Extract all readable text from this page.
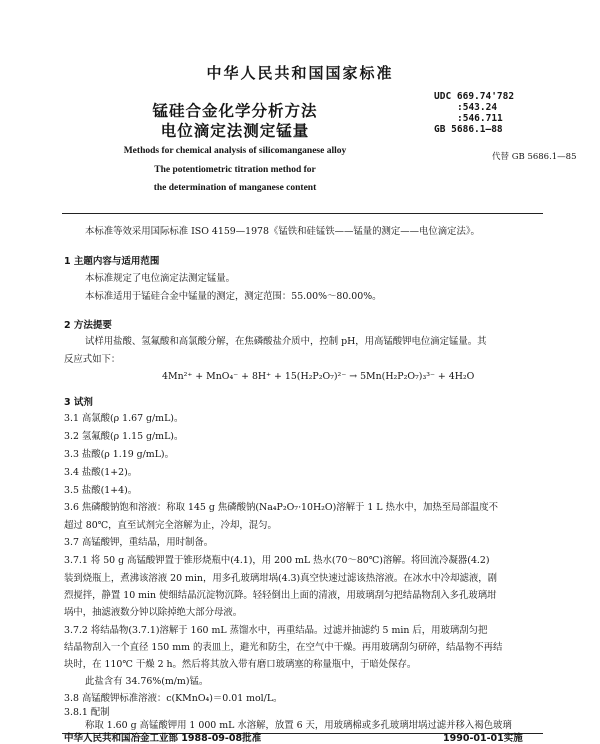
中华人民共和国国家标准
锰硅合金化学分析方法
电位滴定法测定锰量
UDC 669.74'782
:543.24
:546.711
GB 5686.1—88
代替 GB 5686.1—85
Methods for chemical analysis of silicomanganese alloy
The potentiometric titration method for
the determination of manganese content
本标准等效采用国际标准 ISO 4159—1978《锰铁和硅锰铁——锰量的测定——电位滴定法》。
1 主题内容与适用范围
本标准规定了电位滴定法测定锰量。
本标准适用于锰硅合金中锰量的测定，测定范围：55.00%～80.00%。
2 方法提要
试样用盐酸、氢氟酸和高氯酸分解，在焦磷酸盐介质中，控制 pH，用高锰酸钾电位滴定锰量。其
反应式如下：
4Mn²⁺ + MnO₄⁻ + 8H⁺ + 15(H₂P₂O₇)²⁻ → 5Mn(H₂P₂O₇)₃³⁻ + 4H₂O
3 试剂
3.1 高氯酸(ρ 1.67 g/mL)。
3.2 氢氟酸(ρ 1.15 g/mL)。
3.3 盐酸(ρ 1.19 g/mL)。
3.4 盐酸(1+2)。
3.5 盐酸(1+4)。
3.6 焦磷酸钠饱和溶液：称取 145 g 焦磷酸钠(Na₄P₂O₇·10H₂O)溶解于 1 L 热水中，加热至局部温度不
超过 80℃，直至试剂完全溶解为止，冷却，混匀。
3.7 高锰酸钾，重结晶，用时制备。
3.7.1 将 50 g 高锰酸钾置于锥形烧瓶中(4.1)，用 200 mL 热水(70～80℃)溶解。将回流冷凝器(4.2)
装到烧瓶上，煮沸该溶液 20 min，用多孔玻璃坩埚(4.3)真空快速过滤该热溶液。在冰水中冷却滤液，剧
烈搅拌，静置 10 min 使细结晶沉淀物沉降。轻轻倒出上面的清液，用玻璃刮匀把结晶物刮入多孔玻璃坩
埚中，抽滤液数分钟以除掉绝大部分母液。
3.7.2 将结晶物(3.7.1)溶解于 160 mL 蒸馏水中，再重结晶。过滤并抽滤约 5 min 后，用玻璃刮匀把
结晶物刮入一个直径 150 mm 的表皿上，避光和防尘，在空气中干燥。再用玻璃刮匀研碎，结晶物不再结
块时，在 110℃ 干燥 2 h。然后将其放入带有磨口玻璃塞的称量瓶中，于暗处保存。
此盐含有 34.76%(m/m)锰。
3.8 高锰酸钾标准溶液：c(KMnO₄)＝0.01 mol/L。
3.8.1 配制
称取 1.60 g 高锰酸钾用 1 000 mL 水溶解，放置 6 天，用玻璃棉或多孔玻璃坩埚过滤并移入褐色玻璃
中华人民共和国冶金工业部 1988-09-08批准	1990-01-01实施
